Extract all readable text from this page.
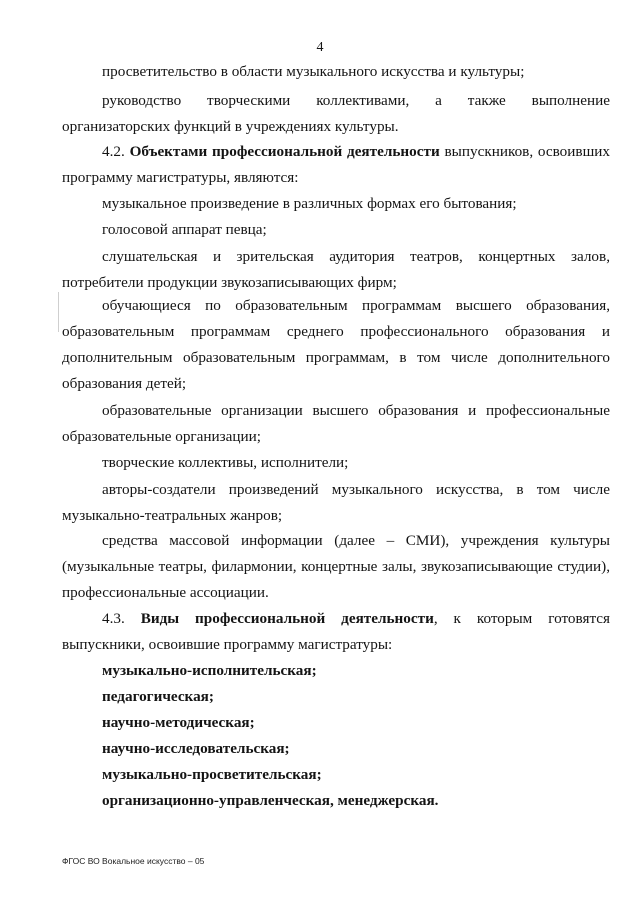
4

просветительство в области музыкального искусства и культуры;

руководство творческими коллективами, а также выполнение организаторских функций в учреждениях культуры.

4.2. Объектами профессиональной деятельности выпускников, освоивших программу магистратуры, являются:

музыкальное произведение в различных формах его бытования;

голосовой аппарат певца;

слушательская и зрительская аудитория театров, концертных залов, потребители продукции звукозаписывающих фирм;

обучающиеся по образовательным программам высшего образования, образовательным программам среднего профессионального образования и дополнительным образовательным программам, в том числе дополнительного образования детей;

образовательные организации высшего образования и профессиональные образовательные организации;

творческие коллективы, исполнители;

авторы-создатели произведений музыкального искусства, в том числе музыкально-театральных жанров;

средства массовой информации (далее – СМИ), учреждения культуры (музыкальные театры, филармонии, концертные залы, звукозаписывающие студии), профессиональные ассоциации.

4.3. Виды профессиональной деятельности, к которым готовятся выпускники, освоившие программу магистратуры:

музыкально-исполнительская;

педагогическая;

научно-методическая;

научно-исследовательская;

музыкально-просветительская;

организационно-управленческая, менеджерская.

ФГОС ВО Вокальное искусство – 05
